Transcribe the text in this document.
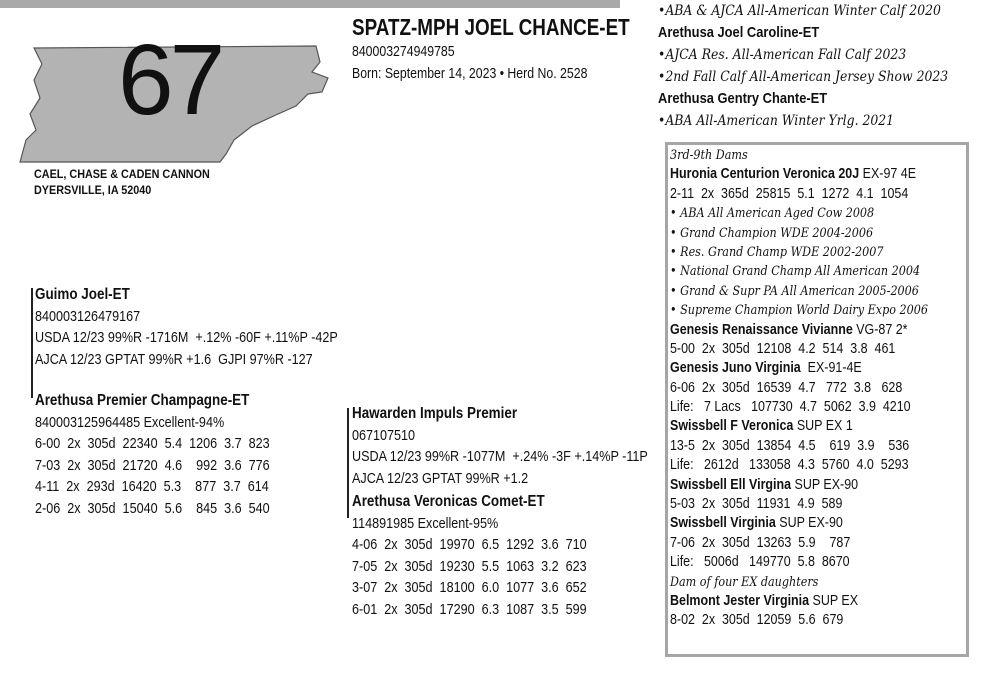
67	SPATZ-MPH JOEL CHANCE-ET
840003274949785
Born: September 14, 2023 • Herd No. 2528
CAEL, CHASE & CADEN CANNON
DYERSVILLE, IA 52040
•ABA & AJCA All-American Winter Calf 2020
Arethusa Joel Caroline-ET
•AJCA Res. All-American Fall Calf 2023
•2nd Fall Calf All-American Jersey Show 2023
Arethusa Gentry Chante-ET
•ABA All-American Winter Yrlg. 2021
Guimo Joel-ET
840003126479167
USDA 12/23 99%R -1716M  +.12% -60F +.11%P -42P
AJCA 12/23 GPTAT 99%R +1.6  GJPI 97%R -127
Arethusa Premier Champagne-ET
840003125964485 Excellent-94%
6-00  2x  305d  22340  5.4  1206  3.7  823
7-03  2x  305d  21720  4.6    992  3.6  776
4-11  2x  293d  16420  5.3    877  3.7  614
2-06  2x  305d  15040  5.6    845  3.6  540
Hawarden Impuls Premier
067107510
USDA 12/23 99%R -1077M  +.24% -3F +.14%P -11P
AJCA 12/23 GPTAT 99%R +1.2
Arethusa Veronicas Comet-ET
114891985 Excellent-95%
4-06  2x  305d  19970  6.5  1292  3.6  710
7-05  2x  305d  19230  5.5  1063  3.2  623
3-07  2x  305d  18100  6.0  1077  3.6  652
6-01  2x  305d  17290  6.3  1087  3.5  599
3rd-9th Dams
Huronia Centurion Veronica 20J EX-97 4E
2-11  2x  365d  25815  5.1  1272  4.1  1054
• ABA All American Aged Cow 2008
• Grand Champion WDE 2004-2006
• Res. Grand Champ WDE 2002-2007
• National Grand Champ All American 2004
• Grand & Supr PA All American 2005-2006
• Supreme Champion World Dairy Expo 2006
Genesis Renaissance Vivianne VG-87 2*
5-00  2x  305d  12108  4.2  514  3.8  461
Genesis Juno Virginia  EX-91-4E
6-06  2x  305d  16539  4.7   772  3.8   628
Life:   7 Lacs   107730  4.7  5062  3.9  4210
Swissbell F Veronica SUP EX 1
13-5  2x  305d  13854  4.5    619  3.9    536
Life:   2612d   133058  4.3  5760  4.0  5293
Swissbell Ell Virgina SUP EX-90
5-03  2x  305d  11931  4.9  589
Swissbell Virginia SUP EX-90
7-06  2x  305d  13263  5.9    787
Life:   5006d   149770  5.8  8670
Dam of four EX daughters
Belmont Jester Virginia SUP EX
8-02  2x  305d  12059  5.6  679
